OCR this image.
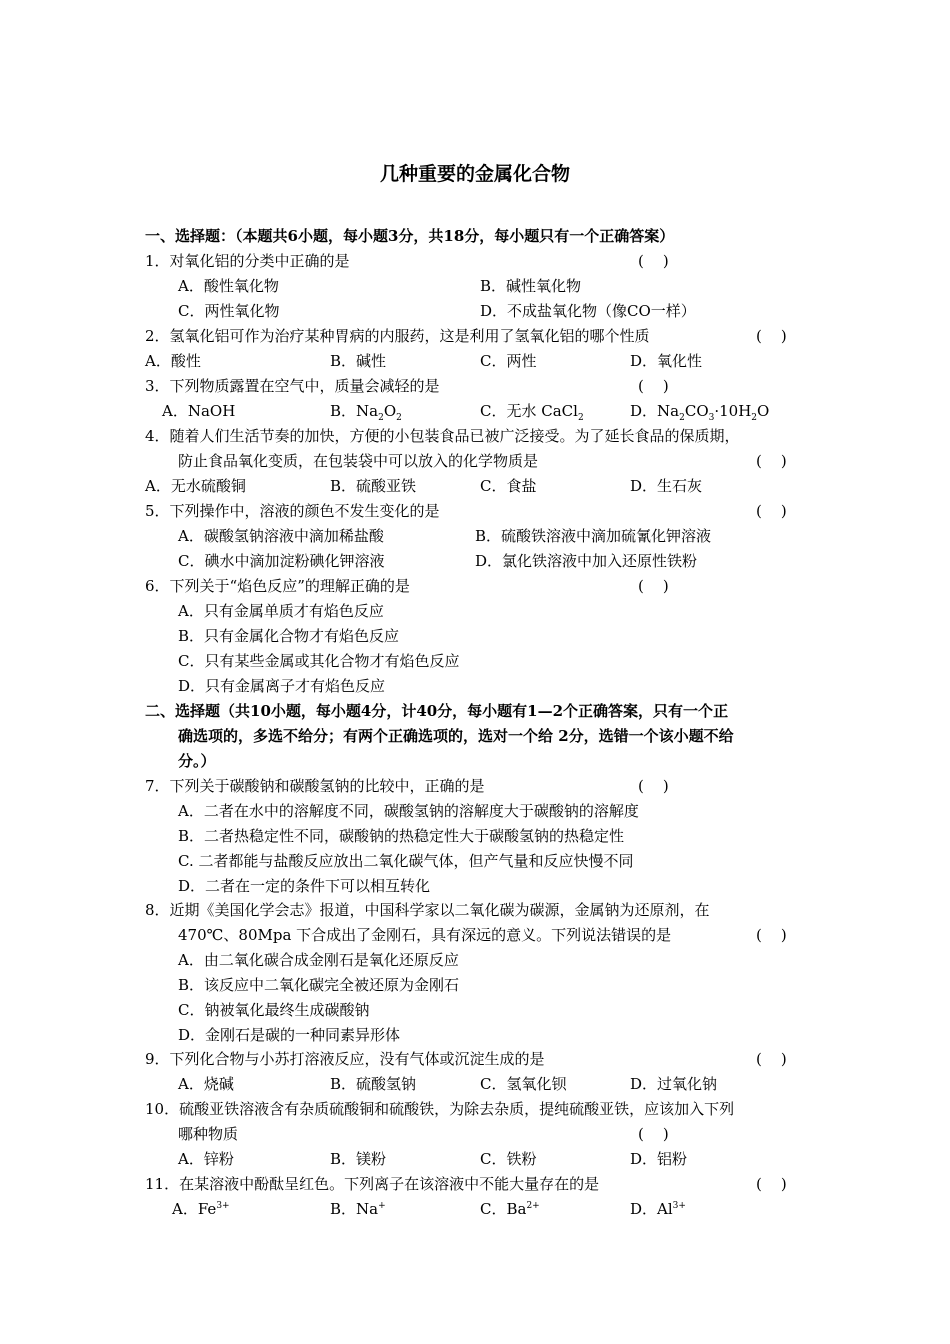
几种重要的金属化合物
一、选择题：（本题共6小题，每小题3分，共18分，每小题只有一个正确答案）
1．对氧化铝的分类中正确的是	(    )
A．酸性氧化物	B．碱性氧化物
C．两性氧化物	D．不成盐氧化物（像CO一样）
2．氢氧化铝可作为治疗某种胃病的内服药，这是利用了氢氧化铝的哪个性质	(    )
A．酸性	B．碱性	C．两性	D．氧化性
3．下列物质露置在空气中，质量会减轻的是	(    )
A．NaOH	B．$Na_2O_2$	C．无水 CaCl$_2$	D．$Na_2CO_3\cdot 10H_2O$
4．随着人们生活节奏的加快，方便的小包装食品已被广泛接受。为了延长食品的保质期，
防止食品氧化变质，在包装袋中可以放入的化学物质是	(    )
A．无水硫酸铜	B．硫酸亚铁	C．食盐	D．生石灰
5．下列操作中，溶液的颜色不发生变化的是	(    )
A．碳酸氢钠溶液中滴加稀盐酸	B．硫酸铁溶液中滴加硫氰化钾溶液
C．碘水中滴加淀粉碘化钾溶液	D．氯化铁溶液中加入还原性铁粉
6．下列关于“焰色反应”的理解正确的是	(    )
A．只有金属单质才有焰色反应
B．只有金属化合物才有焰色反应
C．只有某些金属或其化合物才有焰色反应
D．只有金属离子才有焰色反应
二、选择题（共10小题，每小题4分，计40分，每小题有1—2个正确答案，只有一个正
确选项的，多选不给分；有两个正确选项的，选对一个给 2分，选错一个该小题不给
分。）
7．下列关于碳酸钠和碳酸氢钠的比较中，正确的是	(    )
A．二者在水中的溶解度不同，碳酸氢钠的溶解度大于碳酸钠的溶解度
B．二者热稳定性不同，碳酸钠的热稳定性大于碳酸氢钠的热稳定性
C. 二者都能与盐酸反应放出二氧化碳气体，但产气量和反应快慢不同
D．二者在一定的条件下可以相互转化
8．近期《美国化学会志》报道，中国科学家以二氧化碳为碳源，金属钠为还原剂，在
470℃、80Mpa 下合成出了金刚石，具有深远的意义。下列说法错误的是	(    )
A．由二氧化碳合成金刚石是氧化还原反应
B．该反应中二氧化碳完全被还原为金刚石
C．钠被氧化最终生成碳酸钠
D．金刚石是碳的一种同素异形体
9．下列化合物与小苏打溶液反应，没有气体或沉淀生成的是	(    )
A．烧碱	B．硫酸氢钠	C．氢氧化钡	D．过氧化钠
10．硫酸亚铁溶液含有杂质硫酸铜和硫酸铁，为除去杂质，提纯硫酸亚铁，应该加入下列
哪种物质	(    )
A．锌粉	B．镁粉	C．铁粉	D．铝粉
11．在某溶液中酚酞呈红色。下列离子在该溶液中不能大量存在的是	(    )
A．$Fe^{3+}$	B．Na+	C．$Ba^{2+}$	D．$Al^{3+}$
